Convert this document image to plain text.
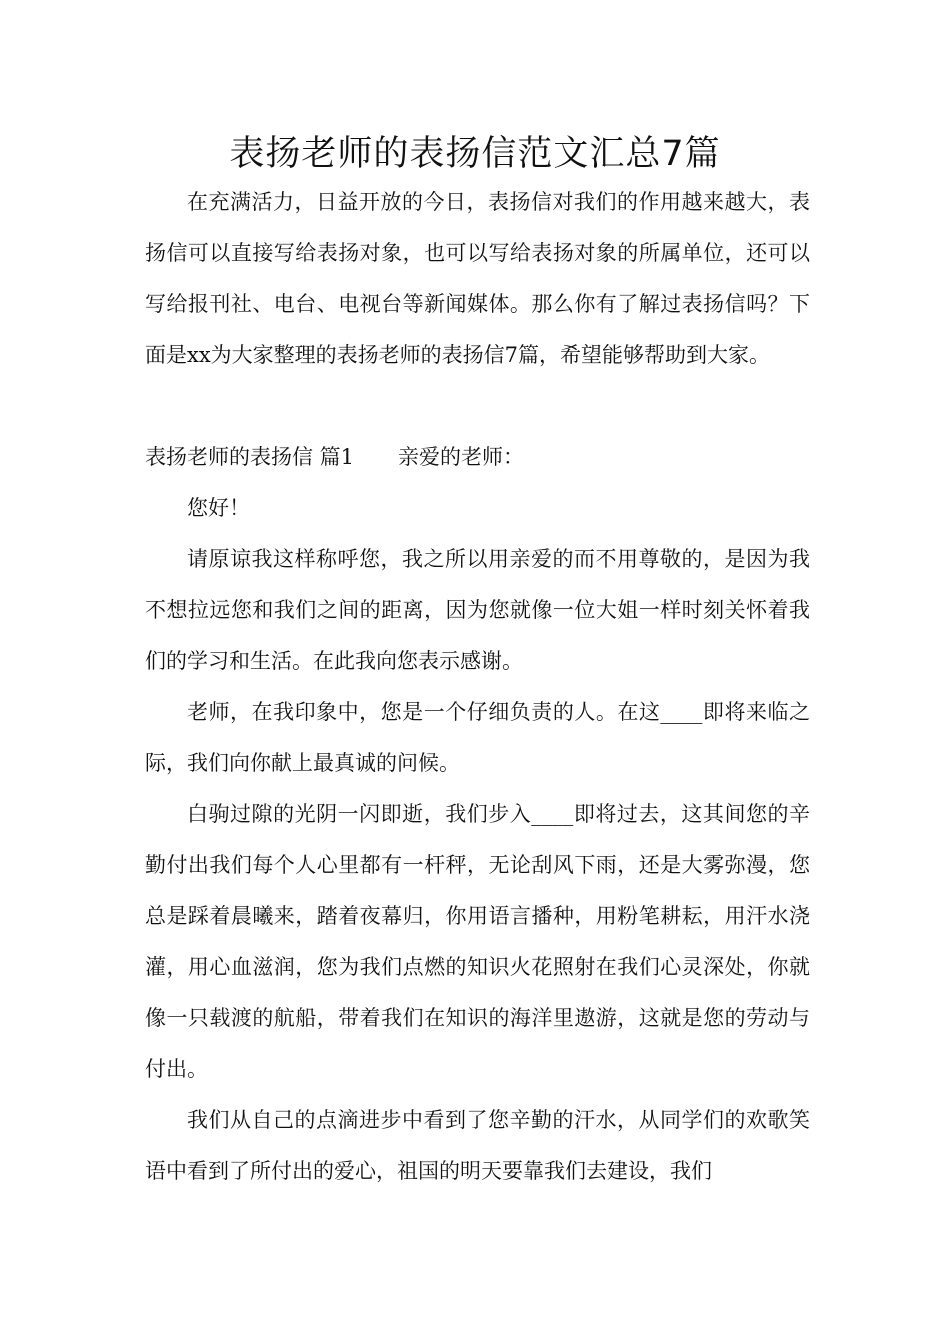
表扬老师的表扬信范文汇总7篇

在充满活力，日益开放的今日，表扬信对我们的作用越来越大，表扬信可以直接写给表扬对象，也可以写给表扬对象的所属单位，还可以写给报刊社、电台、电视台等新闻媒体。那么你有了解过表扬信吗？下面是xx为大家整理的表扬老师的表扬信7篇，希望能够帮助到大家。

表扬老师的表扬信 篇1 亲爱的老师：

您好！

请原谅我这样称呼您，我之所以用亲爱的而不用尊敬的，是因为我不想拉远您和我们之间的距离，因为您就像一位大姐一样时刻关怀着我们的学习和生活。在此我向您表示感谢。

老师，在我印象中，您是一个仔细负责的人。在这____即将来临之际，我们向你献上最真诚的问候。

白驹过隙的光阴一闪即逝，我们步入____即将过去，这其间您的辛勤付出我们每个人心里都有一杆秤，无论刮风下雨，还是大雾弥漫，您总是踩着晨曦来，踏着夜幕归，你用语言播种，用粉笔耕耘，用汗水浇灌，用心血滋润，您为我们点燃的知识火花照射在我们心灵深处，你就像一只载渡的航船，带着我们在知识的海洋里遨游，这就是您的劳动与付出。

我们从自己的点滴进步中看到了您辛勤的汗水，从同学们的欢歌笑语中看到了所付出的爱心，祖国的明天要靠我们去建设，我们
